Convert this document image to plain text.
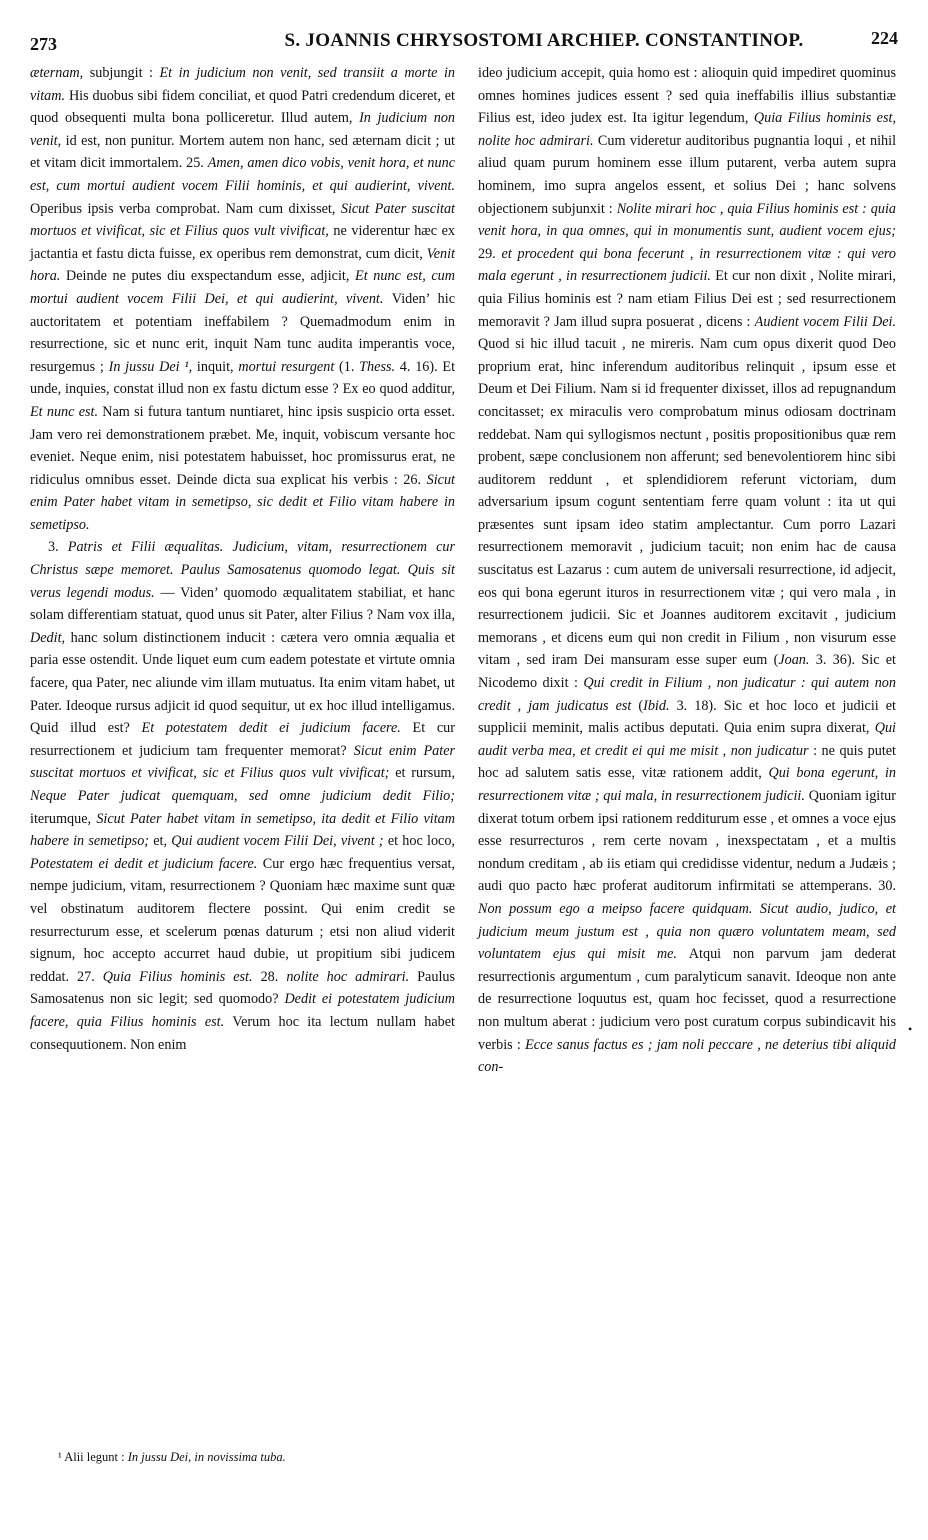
273	S. JOANNIS CHRYSOSTOMI ARCHIEP. CONSTANTINOP.	224

æternam, subjungit : Et in judicium non venit, sed transiit a morte in vitam. His duobus sibi fidem conciliat, et quod Patri credendum diceret, et quod obsequenti multa bona polliceretur. Illud autem, In judicium non venit, id est, non punitur. Mortem autem non hanc, sed æternam dicit ; ut et vitam dicit immortalem. 25. Amen, amen dico vobis, venit hora, et nunc est, cum mortui audient vocem Filii hominis, et qui audierint, vivent. Operibus ipsis verba comprobat. Nam cum dixisset, Sicut Pater suscitat mortuos et vivificat, sic et Filius quos vult vivificat, ne viderentur hæc ex jactantia et fastu dicta fuisse, ex operibus rem demonstrat, cum dicit, Venit hora. Deinde ne putes diu exspectandum esse, adjicit, Et nunc est, cum mortui audient vocem Filii Dei, et qui audierint, vivent. Viden’ hic auctoritatem et potentiam ineffabilem ? Quemadmodum enim in resurrectione, sic et nunc erit, inquit Nam tunc audita imperantis voce, resurgemus ; In jussu Dei ¹, inquit, mortui resurgent (1. Thess. 4. 16). Et unde, inquies, constat illud non ex fastu dictum esse ? Ex eo quod additur, Et nunc est. Nam si futura tantum nuntiaret, hinc ipsis suspicio orta esset. Jam vero rei demonstrationem præbet. Me, inquit, vobiscum versante hoc eveniet. Neque enim, nisi potestatem habuisset, hoc promissurus erat, ne ridiculus omnibus esset. Deinde dicta sua explicat his verbis : 26. Sicut enim Pater habet vitam in semetipso, sic dedit et Filio vitam habere in semetipso.

3. Patris et Filii æqualitas. Judicium, vitam, resurrectionem cur Christus sæpe memoret. Paulus Samosatenus quomodo legat. Quis sit verus legendi modus. — Viden’ quomodo æqualitatem stabiliat, et hanc solam differentiam statuat, quod unus sit Pater, alter Filius ? Nam vox illa, Dedit, hanc solum distinctionem inducit : cætera vero omnia æqualia et paria esse ostendit. Unde liquet eum cum eadem potestate et virtute omnia facere, qua Pater, nec aliunde vim illam mutuatus. Ita enim vitam habet, ut Pater. Ideoque rursus adjicit id quod sequitur, ut ex hoc illud intelligamus. Quid illud est? Et potestatem dedit ei judicium facere. Et cur resurrectionem et judicium tam frequenter memorat? Sicut enim Pater suscitat mortuos et vivificat, sic et Filius quos vult vivificat; et rursum, Neque Pater judicat quemquam, sed omne judicium dedit Filio; iterumque, Sicut Pater habet vitam in semetipso, ita dedit et Filio vitam habere in semetipso; et, Qui audient vocem Filii Dei, vivent ; et hoc loco, Potestatem ei dedit et judicium facere. Cur ergo hæc frequentius versat, nempe judicium, vitam, resurrectionem ? Quoniam hæc maxime sunt quæ vel obstinatum auditorem flectere possint. Qui enim credit se resurrecturum esse, et scelerum pœnas daturum ; etsi non aliud viderit signum, hoc accepto accurret haud dubie, ut propitium sibi judicem reddat. 27. Quia Filius hominis est. 28. nolite hoc admirari. Paulus Samosatenus non sic legit; sed quomodo? Dedit ei potestatem judicium facere, quia Filius hominis est. Verum hoc ita lectum nullam habet consequutionem. Non enim

ideo judicium accepit, quia homo est : alioquin quid impediret quominus omnes homines judices essent ? sed quia ineffabilis illius substantiæ Filius est, ideo judex est. Ita igitur legendum, Quia Filius hominis est, nolite hoc admirari. Cum videretur auditoribus pugnantia loqui , et nihil aliud quam purum hominem esse illum putarent, verba autem supra hominem, imo supra angelos essent, et solius Dei ; hanc solvens objectionem subjunxit : Nolite mirari hoc , quia Filius hominis est : quia venit hora, in qua omnes, qui in monumentis sunt, audient vocem ejus; 29. et procedent qui bona fecerunt , in resurrectionem vitæ : qui vero mala egerunt , in resurrectionem judicii. Et cur non dixit , Nolite mirari, quia Filius hominis est ? nam etiam Filius Dei est ; sed resurrectionem memoravit ? Jam illud supra posuerat , dicens : Audient vocem Filii Dei. Quod si hic illud tacuit , ne mireris. Nam cum opus dixerit quod Deo proprium erat, hinc inferendum auditoribus relinquit , ipsum esse et Deum et Dei Filium. Nam si id frequenter dixisset, illos ad repugnandum concitasset; ex miraculis vero comprobatum minus odiosam doctrinam reddebat. Nam qui syllogismos nectunt , positis propositionibus quæ rem probent, sæpe conclusionem non afferunt; sed benevolentiorem hinc sibi auditorem reddunt , et splendidiorem referunt victoriam, dum adversarium ipsum cogunt sententiam ferre quam volunt : ita ut qui præsentes sunt ipsam ideo statim amplectantur. Cum porro Lazari resurrectionem memoravit , judicium tacuit; non enim hac de causa suscitatus est Lazarus : cum autem de universali resurrectione, id adjecit, eos qui bona egerunt ituros in resurrectionem vitæ ; qui vero mala , in resurrectionem judicii. Sic et Joannes auditorem excitavit , judicium memorans , et dicens eum qui non credit in Filium , non visurum esse vitam , sed iram Dei mansuram esse super eum (Joan. 3. 36). Sic et Nicodemo dixit : Qui credit in Filium , non judicatur : qui autem non credit , jam judicatus est (Ibid. 3. 18). Sic et hoc loco et judicii et supplicii meminit, malis actibus deputati. Quia enim supra dixerat, Qui audit verba mea, et credit ei qui me misit , non judicatur : ne quis putet hoc ad salutem satis esse, vitæ rationem addit, Qui bona egerunt, in resurrectionem vitæ ; qui mala, in resurrectionem judicii. Quoniam igitur dixerat totum orbem ipsi rationem redditurum esse , et omnes a voce ejus esse resurrecturos , rem certe novam , inexspectatam , et a multis nondum creditam , ab iis etiam qui credidisse videntur, nedum a Judæis ; audi quo pacto hæc proferat auditorum infirmitati se attemperans. 30. Non possum ego a meipso facere quidquam. Sicut audio, judico, et judicium meum justum est , quia non quæro voluntatem meam, sed voluntatem ejus qui misit me. Atqui non parvum jam dederat resurrectionis argumentum , cum paralyticum sanavit. Ideoque non ante de resurrectione loquutus est, quam hoc fecisset, quod a resurrectione non multum aberat : judicium vero post curatum corpus subindicavit his verbis : Ecce sanus factus es ; jam noli peccare , ne deterius tibi aliquid con-

¹ Alii legunt : In jussu Dei, in novissima tuba.
•
